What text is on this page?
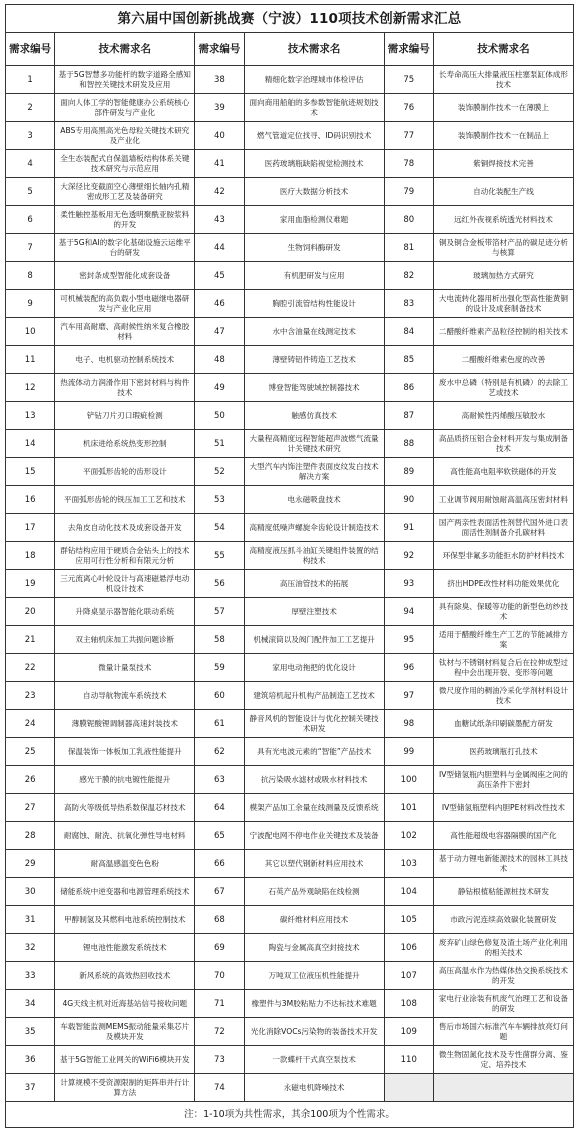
第六届中国创新挑战赛（宁波）110项技术创新需求汇总
需求编号	技术需求名	需求编号	技术需求名	需求编号	技术需求名
1	基于5G智慧多功能杆的数字道路全感知和智控关键技术研发及应用	38	精细化数字治理城市体检评估	75	长寿命高压大排量液压柱塞泵缸体成形技术
2	面向人体工学的智能健康办公系统核心部件研发与产业化	39	面向商用船舶的多参数智能航迹规划技术	76	装饰膜制作技术一在薄膜上
3	ABS专用高黑高光色母粒关键技术研究及产业化	40	燃气管道定位找寻、ID码识别技术	77	装饰膜制作技术一在制品上
4	全生态装配式自保温墙板结构体系关键技术研究与示范应用	41	医药玻璃瓶缺陷视觉检测技术	78	紫铜焊接技术完善
5	大深径比变截面空心薄壁细长轴内孔精密成形工艺及装备研究	42	医疗大数据分析技术	79	自动化装配生产线
6	柔性触控基板用无色透明聚酰亚胺浆料的开发	43	家用血脂检测仪难题	80	远红外夜视系统透光材料技术
7	基于5G和AI的数字化基础设施云运维平台的研发	44	生物饲料酶研发	81	铜及铜合金板带箔材产品的碳足迹分析与核算
8	密封条成型智能化成套设备	45	有机肥研发与应用	82	玻璃加热方式研究
9	可机械装配的高负载小型电磁继电器研发与产业化应用	46	胸腔引流管结构性能设计	83	大电流转化器用析出强化型高性能黄铜的设计及成套制备技术
10	汽车用高耐磨、高耐候性纳米复合橡胶材料	47	水中含油量在线测定技术	84	二醋酸纤维素产品粒径控制的相关技术
11	电子、电机驱动控制系统技术	48	薄壁铸铝件铸造工艺技术	85	二醋酸纤维素色度的改善
12	热流体动力润滑作用下密封材料与构件技术	49	博登智能驾驶域控制器技术	86	废水中总磷（特别是有机磷）的去除工艺或技术
13	铲钻刀片刃口瑕疵检测	50	触感仿真技术	87	高耐候性丙烯酸压敏胶水
14	机床进给系统热变形控制	51	大量程高精度远程智能超声波燃气流量计关键技术研究	88	高品质挤压铝合金材料开发与集成制备技术
15	平面弧形齿轮的齿形设计	52	大型汽车内饰注塑件表面皮纹发白技术解决方案	89	高性能高电阻率软铁磁体的开发
16	平面弧形齿轮的铣压加工工艺和技术	53	电永磁吸盘技术	90	工业调节阀用耐蚀耐高温高压密封材料
17	去角皮自动化技术及成套设备开发	54	高精度低噪声螺旋伞齿轮设计制造技术	91	国产两亲性表面活性剂替代国外进口表面活性剂制备介孔碳材料
18	群钻结构应用于硬质合金钻头上的技术应用可行性分析和有限元分析	55	高精度液压抓斗油缸关键组件装置的结构技术	92	环保型非氟多功能拒水防护材料技术
19	三元流离心叶轮设计与高速磁悬浮电动机设计技术	56	高压油管技术的拓展	93	挤出HDPE改性材料功能效果优化
20	升降桌显示器智能化联动系统	57	厚壁注塑技术	94	具有除臭、保暖等功能的新型色纺纱技术
21	双主轴机床加工共振问题诊断	58	机械滚筒以及阀门配件加工工艺提升	95	适用于醋酸纤维生产工艺的节能减排方案
22	微量计量泵技术	59	家用电动拖把的优化设计	96	钛材与不锈钢材料复合后在拉伸成型过程中会出现开裂、变形等问题
23	自动导航物流车系统技术	60	建筑培机起升机构产品制造工艺技术	97	微尺度作用的稠油冷采化学剂材料设计技术
24	薄膜铌酸锂调制器高速封装技术	61	静音风机的智能设计与优化控制关键技术研发	98	血糖试纸条印刷碳墨配方研发
25	保温装饰一体板加工乳液性能提升	62	具有光电波元素的“智能”产品技术	99	医药玻璃瓶打孔技术
26	感光干膜的抗电镀性能提升	63	抗污染吸水滤材或吸水材料技术	100	IV型储氢瓶内胆塑料与金属阀座之间的高压条件下密封
27	高防火等级低导热系数保温芯材技术	64	模架产品加工余量在线测量及反馈系统	101	IV型储氢瓶塑料内胆PE材料改性技术
28	耐腐蚀、耐洗、抗氧化弹性导电材料	65	宁波配电网不停电作业关键技术及装备	102	高性能超级电容器隔膜的国产化
29	耐高温感温变色色粉	66	其它以塑代钢新材料应用技术	103	基于动力锂电新能源技术的园林工具技术
30	储能系统中逆变器和电源管理系统技术	67	石英产品外观缺陷在线检测	104	静钻根植粘能源桩技术研发
31	甲醇制氢及其燃料电池系统控制技术	68	碳纤维材料应用技术	105	市政污泥连续高效碳化装置研发
32	锂电池性能激发系统技术	69	陶瓷与金属高真空封接技术	106	废弃矿山绿色修复及渣土场产业化利用的相关技术
33	新风系统的高效热回收技术	70	万吨双工位液压机性能提升	107	高压高温水作为热媒体热交换系统技术的开发
34	4G天线主机对近海基站信号接收问题	71	橡塑件与3M胶粘贴力不达标技术难题	108	家电行业涂装有机废气治理工艺和设备的研发
35	车载智能监测MEMS振动能量采集芯片及模块开发	72	光化消除VOCs污染物的装备技术开发	109	售后市场国六标准汽车车辆排放亮灯问题
36	基于5G智能工业网关的WiFi6模块开发	73	一款蝶杆干式真空泵技术	110	微生物固氮化技术及专性菌群分离、鉴定、培养技术
37	计算规模不受资源限制的矩阵串并行计算方法	74	永磁电机降噪技术		
注：1-10项为共性需求，其余100项为个性需求。
